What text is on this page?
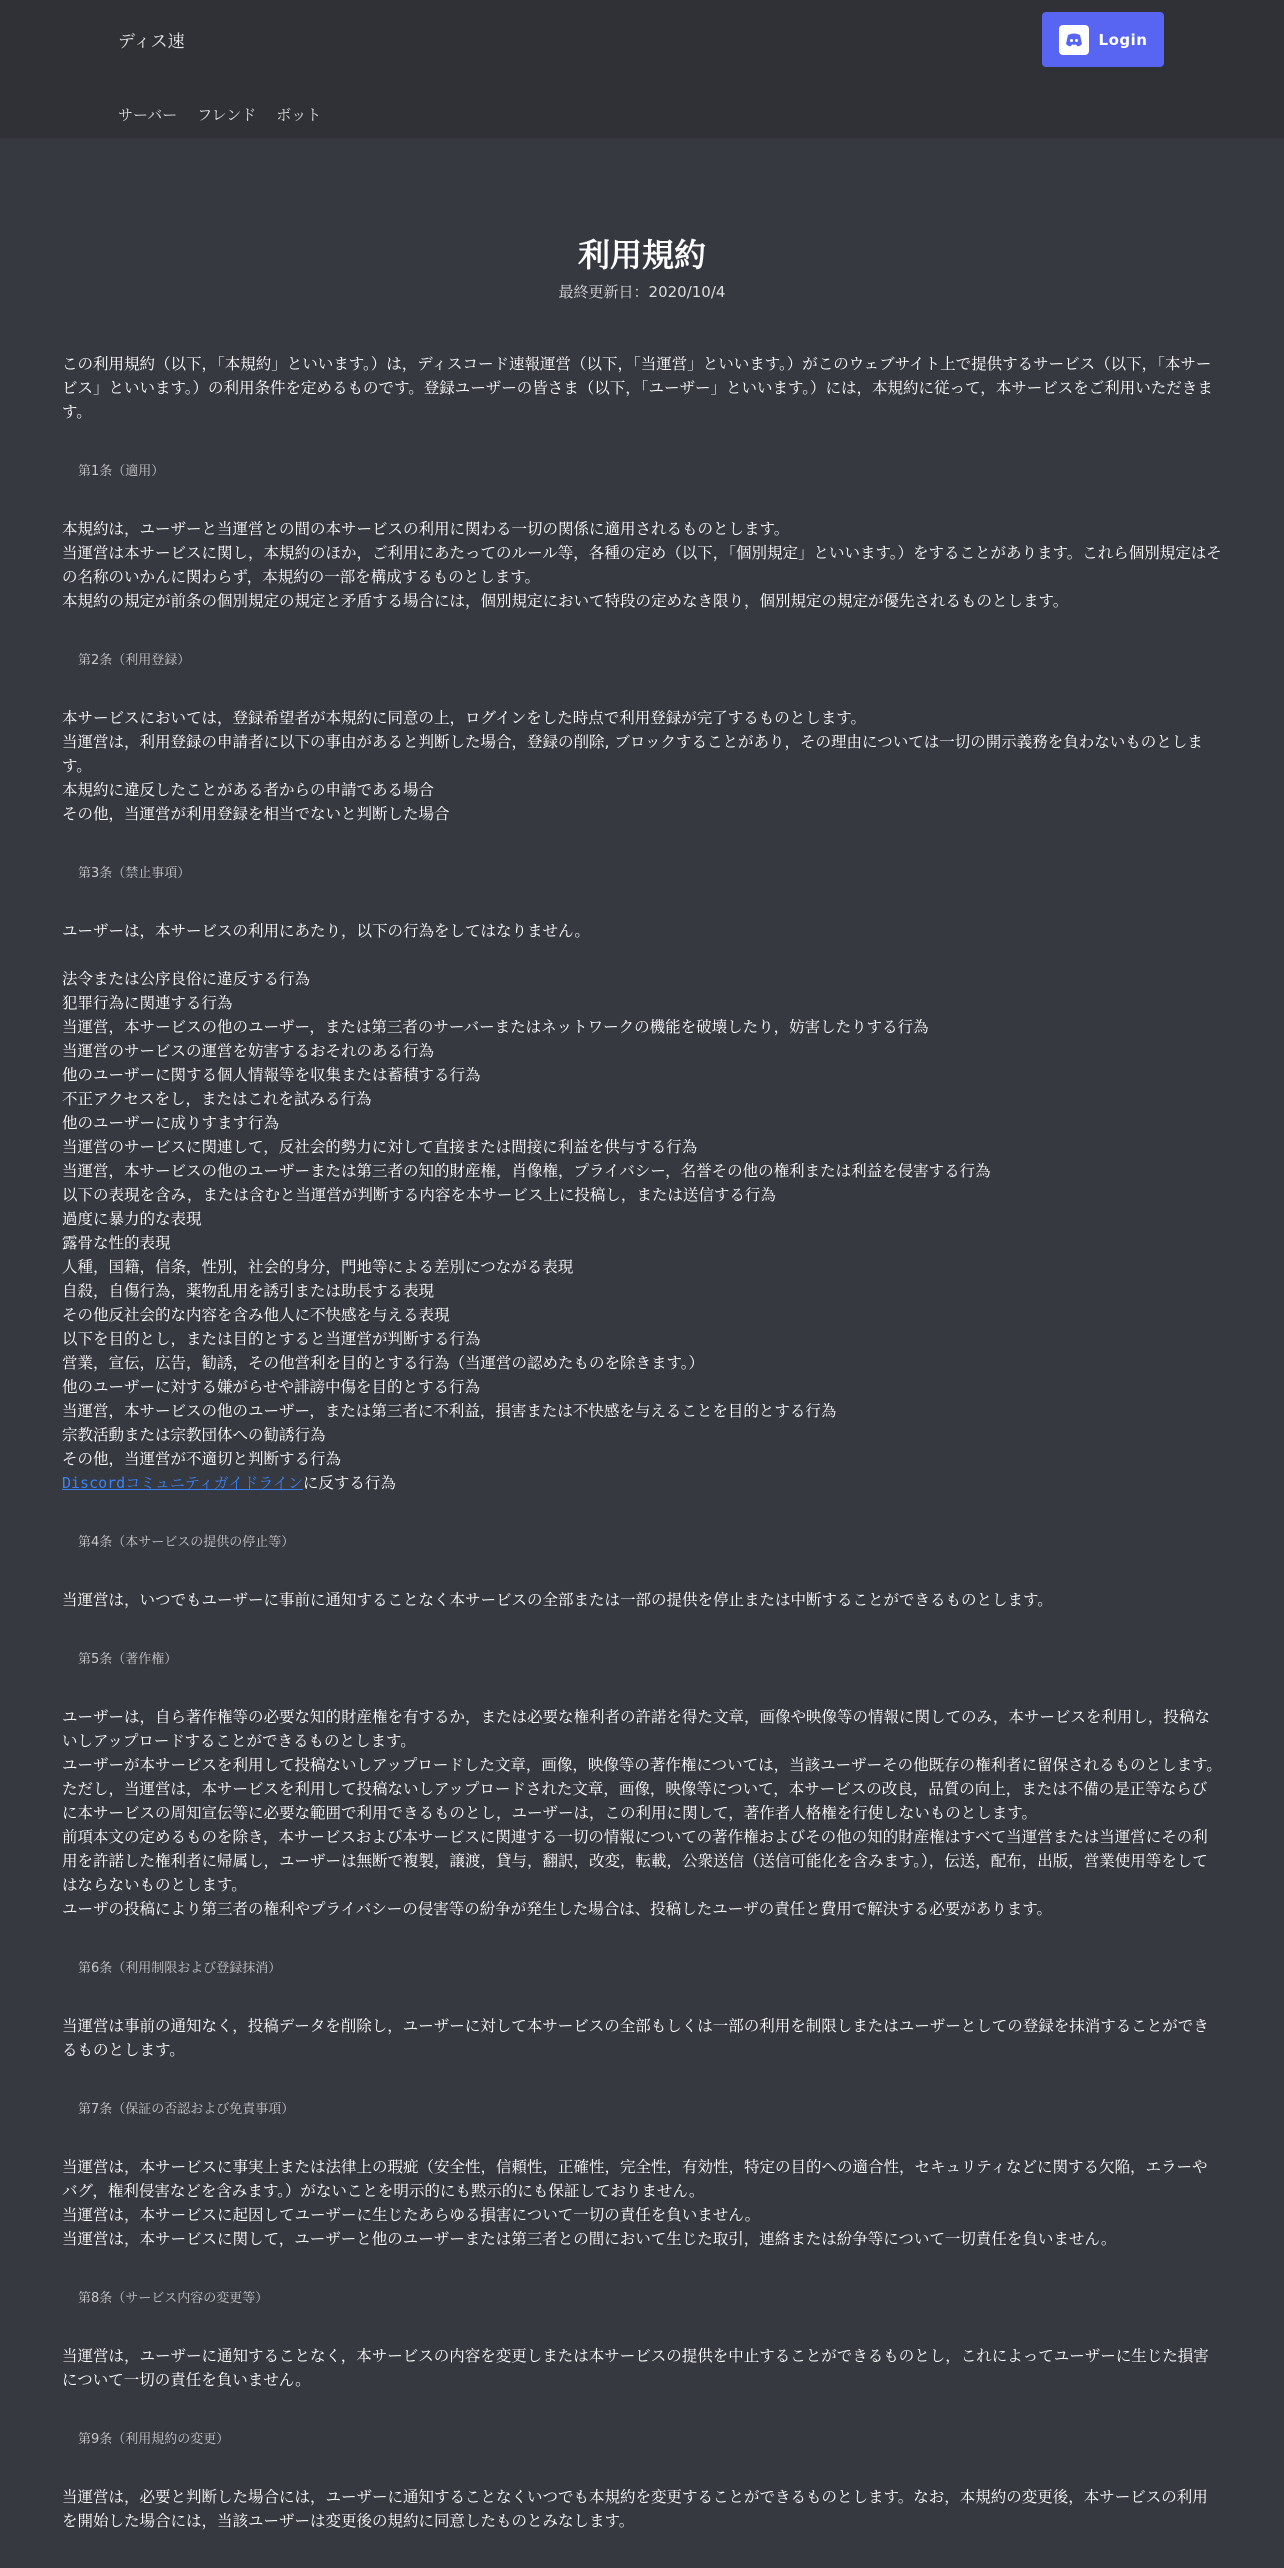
ディス速	Login
サーバー フレンド ボット
利用規約
最終更新日：2020/10/4
この利用規約（以下，「本規約」といいます。）は，ディスコード速報運営（以下，「当運営」といいます。）がこのウェブサイト上で提供するサービス（以下，「本サービス」といいます。）の利用条件を定めるものです。登録ユーザーの皆さま（以下，「ユーザー」といいます。）には，本規約に従って，本サービスをご利用いただきます。
第1条（適用）
本規約は，ユーザーと当運営との間の本サービスの利用に関わる一切の関係に適用されるものとします。
当運営は本サービスに関し，本規約のほか，ご利用にあたってのルール等，各種の定め（以下，「個別規定」といいます。）をすることがあります。これら個別規定はその名称のいかんに関わらず，本規約の一部を構成するものとします。
本規約の規定が前条の個別規定の規定と矛盾する場合には，個別規定において特段の定めなき限り，個別規定の規定が優先されるものとします。
第2条（利用登録）
本サービスにおいては，登録希望者が本規約に同意の上，ログインをした時点で利用登録が完了するものとします。
当運営は，利用登録の申請者に以下の事由があると判断した場合，登録の削除, ブロックすることがあり，その理由については一切の開示義務を負わないものとします。
本規約に違反したことがある者からの申請である場合
その他，当運営が利用登録を相当でないと判断した場合
第3条（禁止事項）
ユーザーは，本サービスの利用にあたり，以下の行為をしてはなりません。
法令または公序良俗に違反する行為
犯罪行為に関連する行為
当運営，本サービスの他のユーザー，または第三者のサーバーまたはネットワークの機能を破壊したり，妨害したりする行為
当運営のサービスの運営を妨害するおそれのある行為
他のユーザーに関する個人情報等を収集または蓄積する行為
不正アクセスをし，またはこれを試みる行為
他のユーザーに成りすます行為
当運営のサービスに関連して，反社会的勢力に対して直接または間接に利益を供与する行為
当運営，本サービスの他のユーザーまたは第三者の知的財産権，肖像権，プライバシー，名誉その他の権利または利益を侵害する行為
以下の表現を含み，または含むと当運営が判断する内容を本サービス上に投稿し，または送信する行為
過度に暴力的な表現
露骨な性的表現
人種，国籍，信条，性別，社会的身分，門地等による差別につながる表現
自殺，自傷行為，薬物乱用を誘引または助長する表現
その他反社会的な内容を含み他人に不快感を与える表現
以下を目的とし，または目的とすると当運営が判断する行為
営業，宣伝，広告，勧誘，その他営利を目的とする行為（当運営の認めたものを除きます。）
他のユーザーに対する嫌がらせや誹謗中傷を目的とする行為
当運営，本サービスの他のユーザー，または第三者に不利益，損害または不快感を与えることを目的とする行為
宗教活動または宗教団体への勧誘行為
その他，当運営が不適切と判断する行為
Discordコミュニティガイドラインに反する行為
第4条（本サービスの提供の停止等）
当運営は，いつでもユーザーに事前に通知することなく本サービスの全部または一部の提供を停止または中断することができるものとします。
第5条（著作権）
ユーザーは，自ら著作権等の必要な知的財産権を有するか，または必要な権利者の許諾を得た文章，画像や映像等の情報に関してのみ，本サービスを利用し，投稿ないしアップロードすることができるものとします。
ユーザーが本サービスを利用して投稿ないしアップロードした文章，画像，映像等の著作権については，当該ユーザーその他既存の権利者に留保されるものとします。
ただし，当運営は，本サービスを利用して投稿ないしアップロードされた文章，画像，映像等について，本サービスの改良，品質の向上，または不備の是正等ならびに本サービスの周知宣伝等に必要な範囲で利用できるものとし，ユーザーは，この利用に関して，著作者人格権を行使しないものとします。
前項本文の定めるものを除き，本サービスおよび本サービスに関連する一切の情報についての著作権およびその他の知的財産権はすべて当運営または当運営にその利用を許諾した権利者に帰属し，ユーザーは無断で複製，譲渡，貸与，翻訳，改変，転載，公衆送信（送信可能化を含みます。），伝送，配布，出版，営業使用等をしてはならないものとします。
ユーザの投稿により第三者の権利やプライバシーの侵害等の紛争が発生した場合は、投稿したユーザの責任と費用で解決する必要があります。
第6条（利用制限および登録抹消）
当運営は事前の通知なく，投稿データを削除し，ユーザーに対して本サービスの全部もしくは一部の利用を制限しまたはユーザーとしての登録を抹消することができるものとします。
第7条（保証の否認および免責事項）
当運営は，本サービスに事実上または法律上の瑕疵（安全性，信頼性，正確性，完全性，有効性，特定の目的への適合性，セキュリティなどに関する欠陥，エラーやバグ，権利侵害などを含みます。）がないことを明示的にも黙示的にも保証しておりません。
当運営は，本サービスに起因してユーザーに生じたあらゆる損害について一切の責任を負いません。
当運営は，本サービスに関して，ユーザーと他のユーザーまたは第三者との間において生じた取引，連絡または紛争等について一切責任を負いません。
第8条（サービス内容の変更等）
当運営は，ユーザーに通知することなく，本サービスの内容を変更しまたは本サービスの提供を中止することができるものとし，これによってユーザーに生じた損害について一切の責任を負いません。
第9条（利用規約の変更）
当運営は，必要と判断した場合には，ユーザーに通知することなくいつでも本規約を変更することができるものとします。なお，本規約の変更後，本サービスの利用を開始した場合には，当該ユーザーは変更後の規約に同意したものとみなします。
